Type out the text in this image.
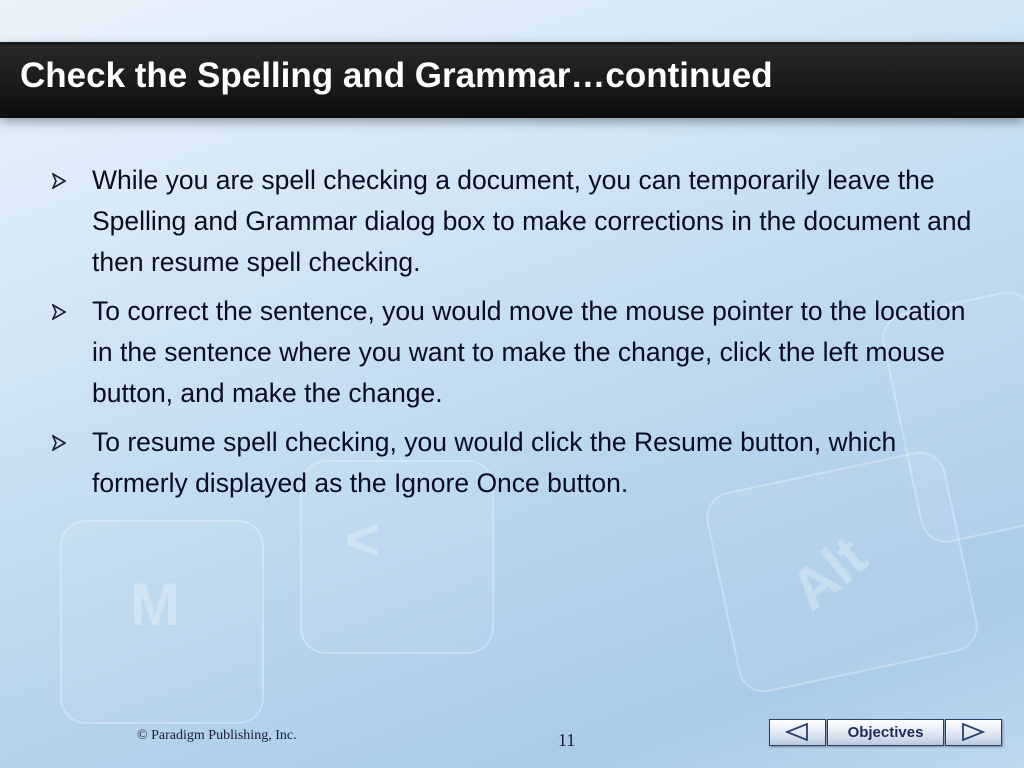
M
<	Alt
Check the Spelling and Grammar…continued
While you are spell checking a document, you can temporarily leave the Spelling and Grammar dialog box to make corrections in the document and then resume spell checking.
To correct the sentence, you would move the mouse pointer to the location in the sentence where you want to make the change, click the left mouse button, and make the change.
To resume spell checking, you would click the Resume button, which formerly displayed as the Ignore Once button.
© Paradigm Publishing, Inc.	11	Objectives
